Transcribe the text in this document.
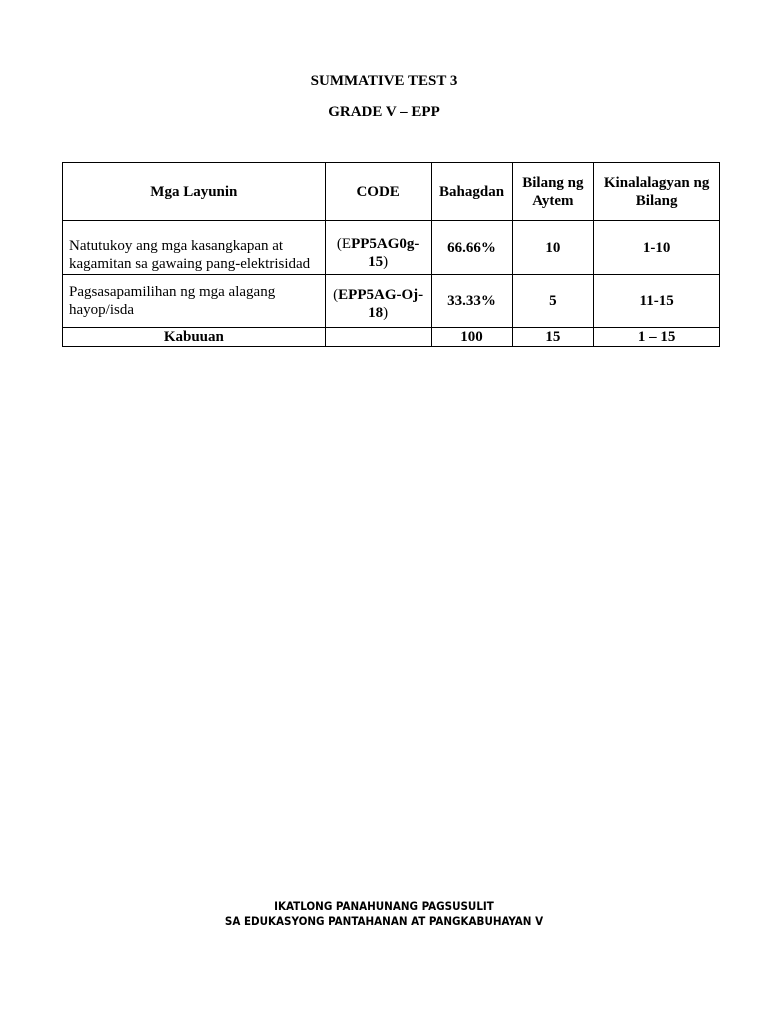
SUMMATIVE TEST 3
GRADE V – EPP
Mga Layunin	CODE	Bahagdan	Bilang ng Aytem	Kinalalagyan ng Bilang
Natutukoy ang mga kasangkapan at kagamitan sa gawaing pang-elektrisidad	(EPP5AG0g-15)	66.66%	10	1-10
Pagsasapamilihan ng mga alagang hayop/isda	(EPP5AG-Oj-18)	33.33%	5	11-15
Kabuuan		100	15	1 – 15
IKATLONG PANAHUNANG PAGSUSULIT
SA EDUKASYONG PANTAHANAN AT PANGKABUHAYAN V
